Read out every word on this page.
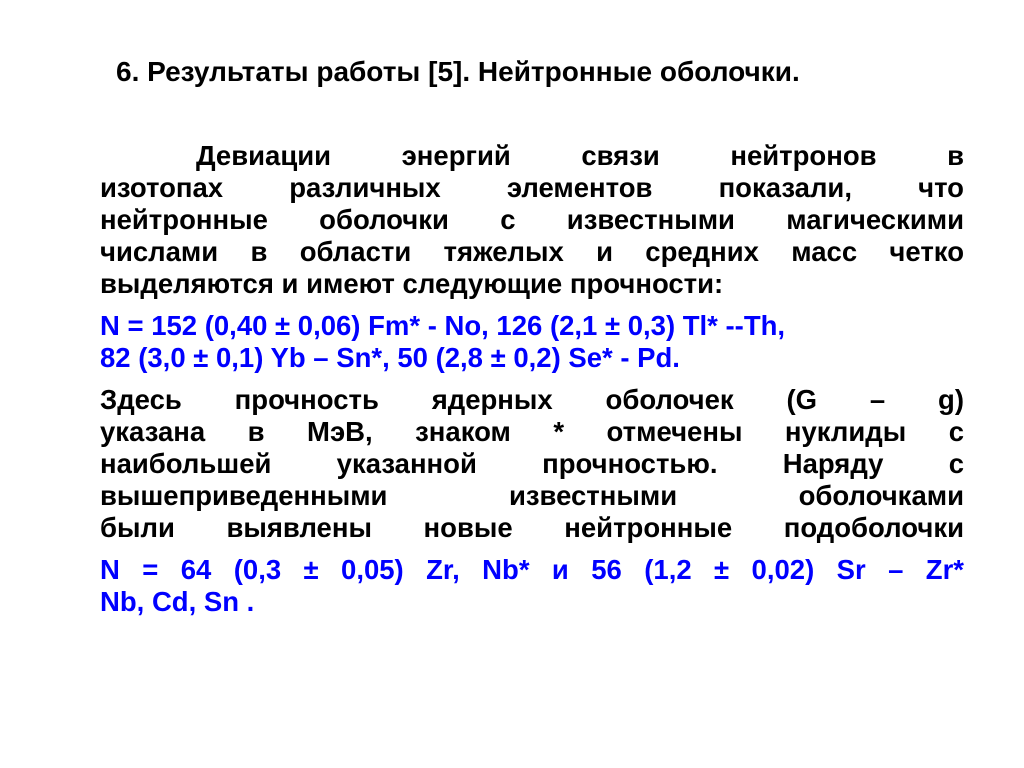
6. Результаты работы [5]. Нейтронные оболочки.
Девиации энергий связи нейтронов в
изотопах различных элементов показали, что
нейтронные оболочки с известными магическими
числами в области тяжелых и средних масс четко
выделяются и имеют следующие прочности:
N = 152 (0,40 ± 0,06) Fm* - No, 126 (2,1 ± 0,3) Tl* --Th,
82 (3,0 ± 0,1) Yb – Sn*, 50 (2,8 ± 0,2) Se* - Pd.
Здесь прочность ядерных оболочек (G – g)
указана в МэВ, знаком * отмечены нуклиды с
наибольшей указанной прочностью. Наряду с
вышеприведенными известными оболочками
были выявлены новые нейтронные подоболочки
N = 64 (0,3 ± 0,05) Zr, Nb* и 56 (1,2 ± 0,02) Sr – Zr*
Nb, Cd, Sn .
